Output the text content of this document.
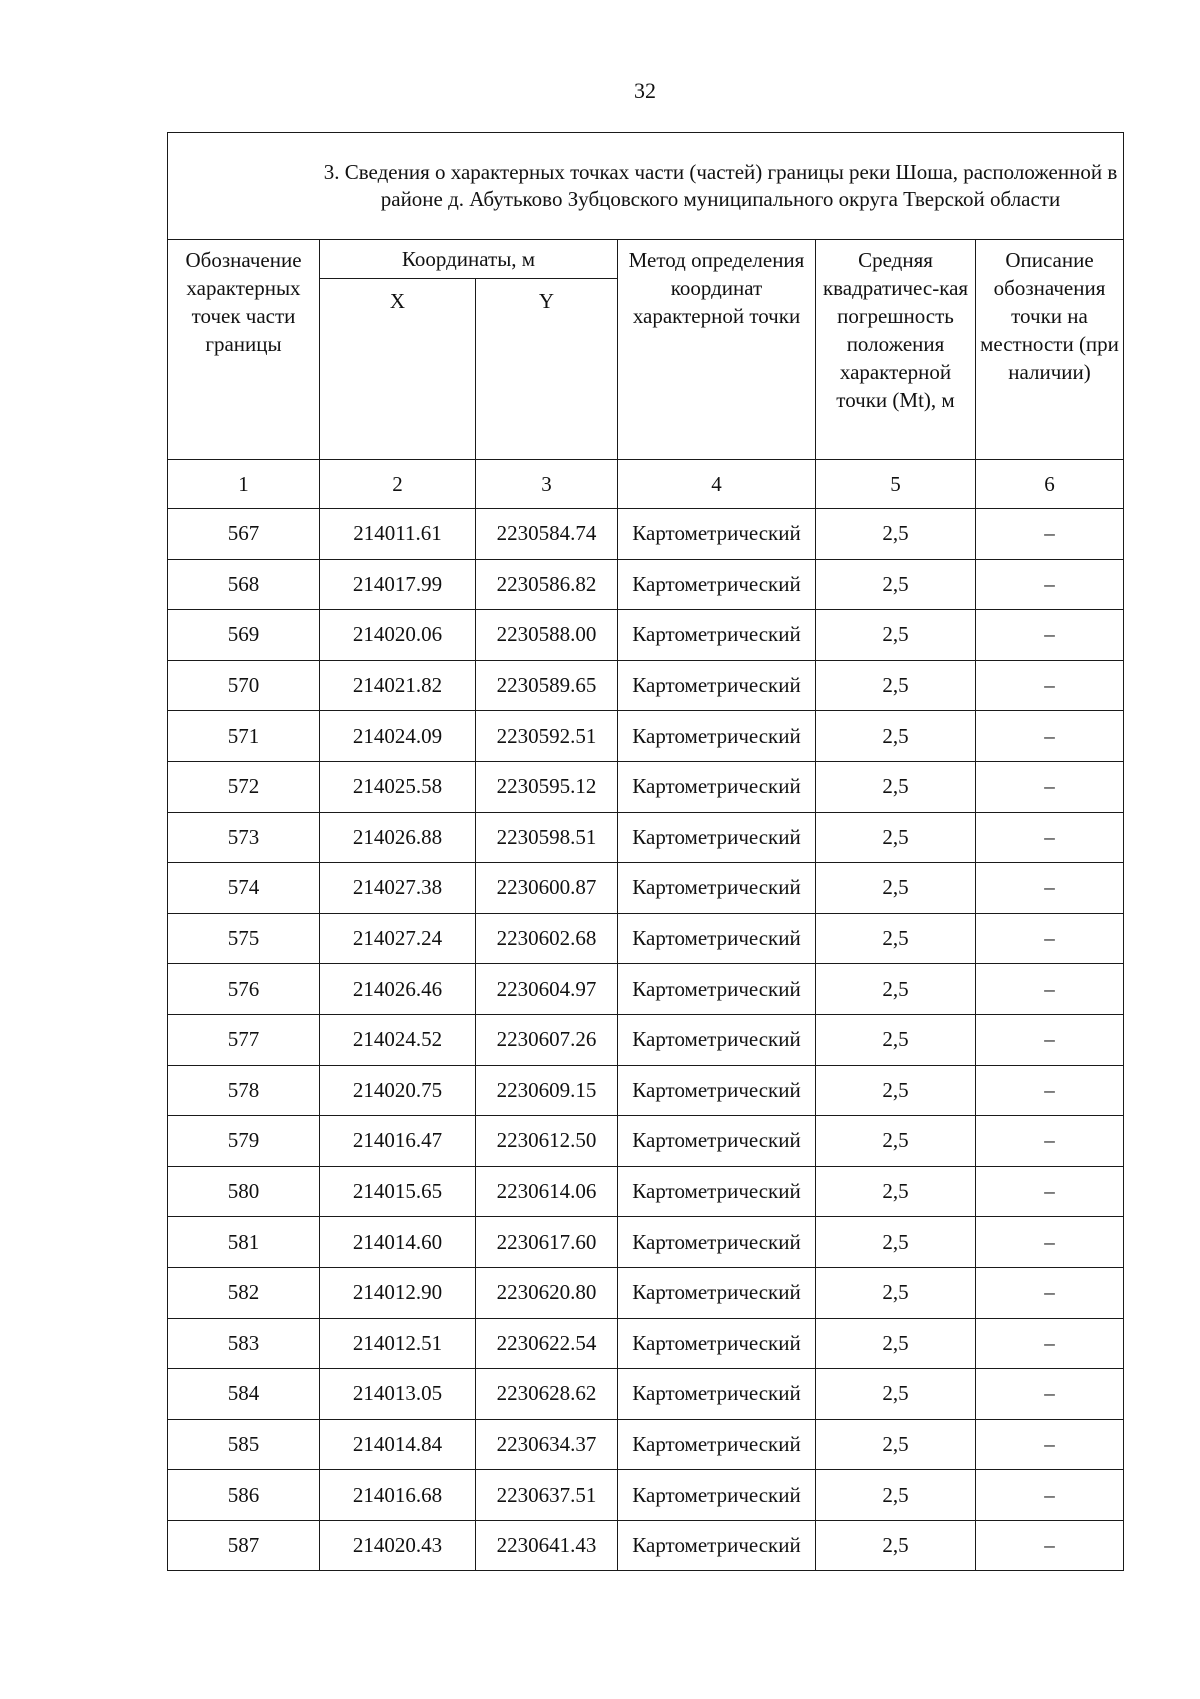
32
3. Сведения о характерных точках части (частей) границы реки Шоша, расположенной в районе д. Абутьково Зубцовского муниципального округа Тверской области					
Обозначение характерных точек части границы	Координаты, м		Метод определения координат характерной точки	Средняя квадратичес-кая погрешность положения характерной точки (Mt), м	Описание обозначения точки на местности (при наличии)
	X	Y			
1	2	3	4	5	6
567	214011.61	2230584.74	Картометрический	2,5	–
568	214017.99	2230586.82	Картометрический	2,5	–
569	214020.06	2230588.00	Картометрический	2,5	–
570	214021.82	2230589.65	Картометрический	2,5	–
571	214024.09	2230592.51	Картометрический	2,5	–
572	214025.58	2230595.12	Картометрический	2,5	–
573	214026.88	2230598.51	Картометрический	2,5	–
574	214027.38	2230600.87	Картометрический	2,5	–
575	214027.24	2230602.68	Картометрический	2,5	–
576	214026.46	2230604.97	Картометрический	2,5	–
577	214024.52	2230607.26	Картометрический	2,5	–
578	214020.75	2230609.15	Картометрический	2,5	–
579	214016.47	2230612.50	Картометрический	2,5	–
580	214015.65	2230614.06	Картометрический	2,5	–
581	214014.60	2230617.60	Картометрический	2,5	–
582	214012.90	2230620.80	Картометрический	2,5	–
583	214012.51	2230622.54	Картометрический	2,5	–
584	214013.05	2230628.62	Картометрический	2,5	–
585	214014.84	2230634.37	Картометрический	2,5	–
586	214016.68	2230637.51	Картометрический	2,5	–
587	214020.43	2230641.43	Картометрический	2,5	–
